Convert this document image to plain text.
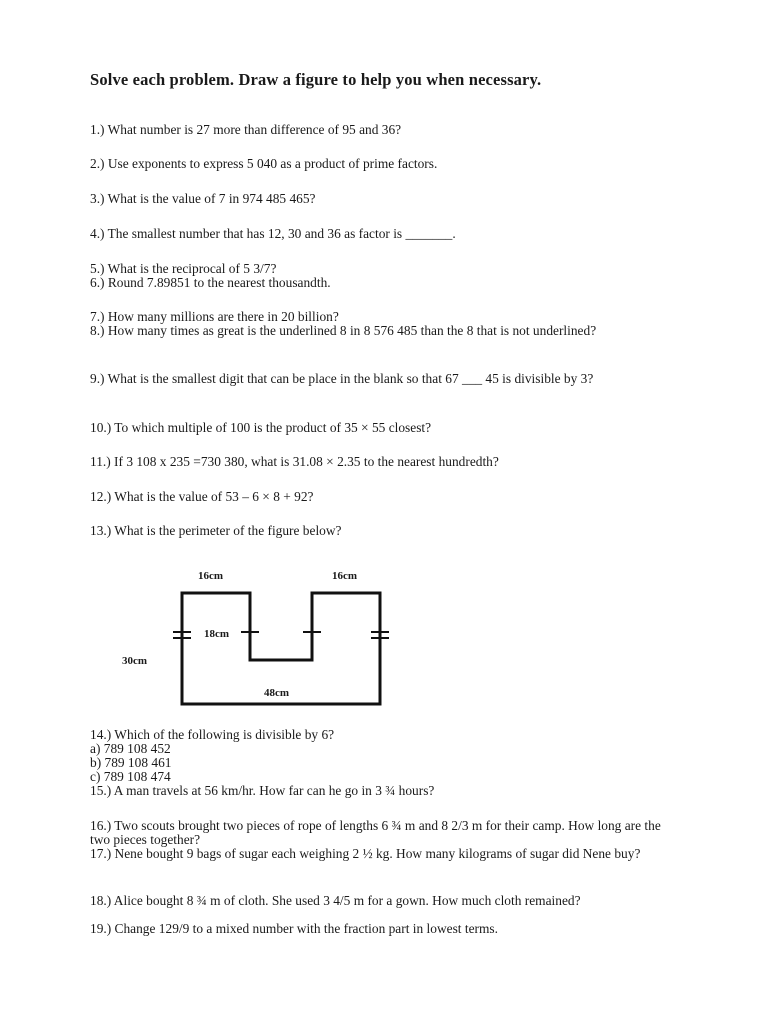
Solve each problem. Draw a figure to help you when necessary.
1.) What number is 27 more than difference of 95 and 36?
2.) Use exponents to express 5 040 as a product of prime factors.
3.) What is the value of 7 in 974 485 465?
4.) The smallest number that has 12, 30 and 36 as factor is _______.
5.) What is the reciprocal of 5 3/7?
6.) Round 7.89851 to the nearest thousandth.
7.) How many millions are there in 20 billion?
8.) How many times as great is the underlined 8 in 8 576 485 than the 8 that is not underlined?
9.) What is the smallest digit that can be place in the blank so that 67 ___ 45 is divisible by 3?
10.) To which multiple of 100 is the product of 35 × 55 closest?
11.) If 3 108 x 235 =730 380, what is 31.08 × 2.35 to the nearest hundredth?
12.) What is the value of 53 – 6 × 8 + 92?
13.) What is the perimeter of the figure below?
16cm	16cm
18cm
30cm
48cm
14.) Which of the following is divisible by 6?
a) 789 108 452
b) 789 108 461
c) 789 108 474
15.) A man travels at 56 km/hr. How far can he go in 3 ¾ hours?
16.) Two scouts brought two pieces of rope of lengths 6 ¾ m and 8 2/3 m for their camp. How long are the two pieces together?
17.) Nene bought 9 bags of sugar each weighing 2 ½ kg. How many kilograms of sugar did Nene buy?
18.) Alice bought 8 ¾ m of cloth. She used 3 4/5 m for a gown. How much cloth remained?
19.) Change 129/9 to a mixed number with the fraction part in lowest terms.
